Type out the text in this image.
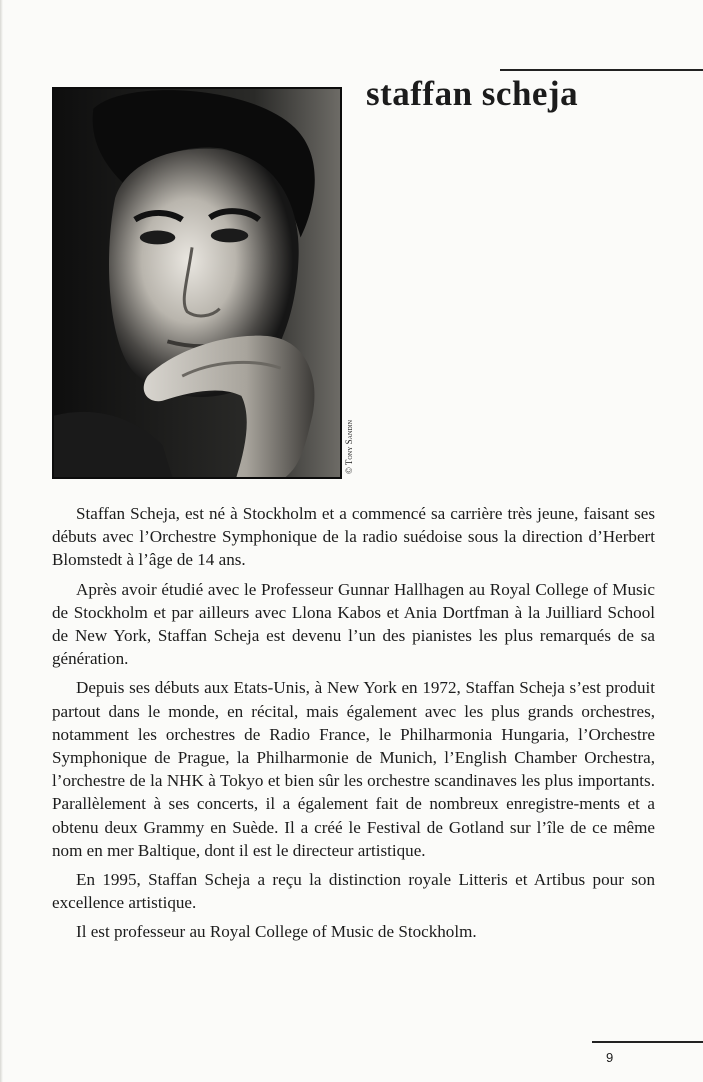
staffan scheja
© Tony Sandin

Staffan Scheja, est né à Stockholm et a commencé sa carrière très jeune, faisant ses débuts avec l’Orchestre Symphonique de la radio suédoise sous la direction d’Herbert Blomstedt à l’âge de 14 ans.

Après avoir étudié avec le Professeur Gunnar Hallhagen au Royal College of Music de Stockholm et par ailleurs avec Llona Kabos et Ania Dortfman à la Juilliard School de New York, Staffan Scheja est devenu l’un des pianistes les plus remarqués de sa génération.

Depuis ses débuts aux Etats-Unis, à New York en 1972, Staffan Scheja s’est produit partout dans le monde, en récital, mais également avec les plus grands orchestres, notamment les orchestres de Radio France, le Philharmonia Hungaria, l’Orchestre Symphonique de Prague, la Philharmonie de Munich, l’English Chamber Orchestra, l’orchestre de la NHK à Tokyo et bien sûr les orchestre scandinaves les plus importants. Parallèlement à ses concerts, il a également fait de nombreux enregistre-ments et a obtenu deux Grammy en Suède. Il a créé le Festival de Gotland sur l’île de ce même nom en mer Baltique, dont il est le directeur artistique.

En 1995, Staffan Scheja a reçu la distinction royale Litteris et Artibus pour son excellence artistique.

Il est professeur au Royal College of Music de Stockholm.

9
